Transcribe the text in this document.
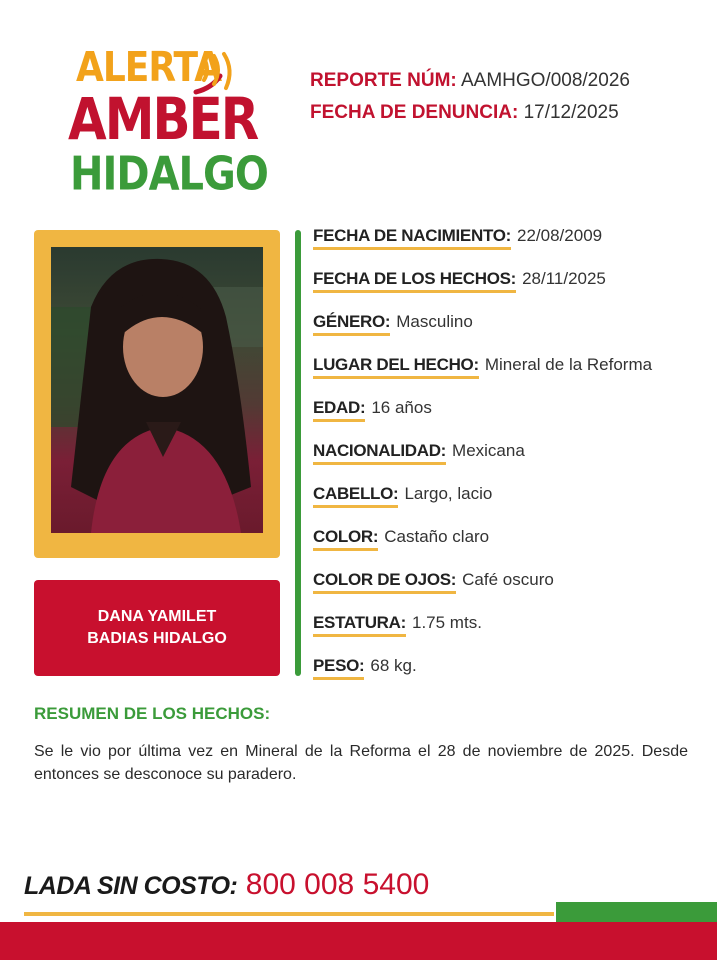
ALERTA
AMBER
HIDALGO
REPORTE NÚM: AAMHGO/008/2026
FECHA DE DENUNCIA: 17/12/2025
DANA YAMILET
BADIAS HIDALGO
FECHA DE NACIMIENTO: 22/08/2009
FECHA DE LOS HECHOS: 28/11/2025
GÉNERO: Masculino
LUGAR DEL HECHO: Mineral de la Reforma
EDAD: 16 años
NACIONALIDAD: Mexicana
CABELLO: Largo, lacio
COLOR: Castaño claro
COLOR DE OJOS: Café oscuro
ESTATURA: 1.75 mts.
PESO: 68 kg.
RESUMEN DE LOS HECHOS:
Se le vio por última vez en Mineral de la Reforma el 28 de noviembre de 2025. Desde entonces se desconoce su paradero.
LADA SIN COSTO: 800 008 5400
